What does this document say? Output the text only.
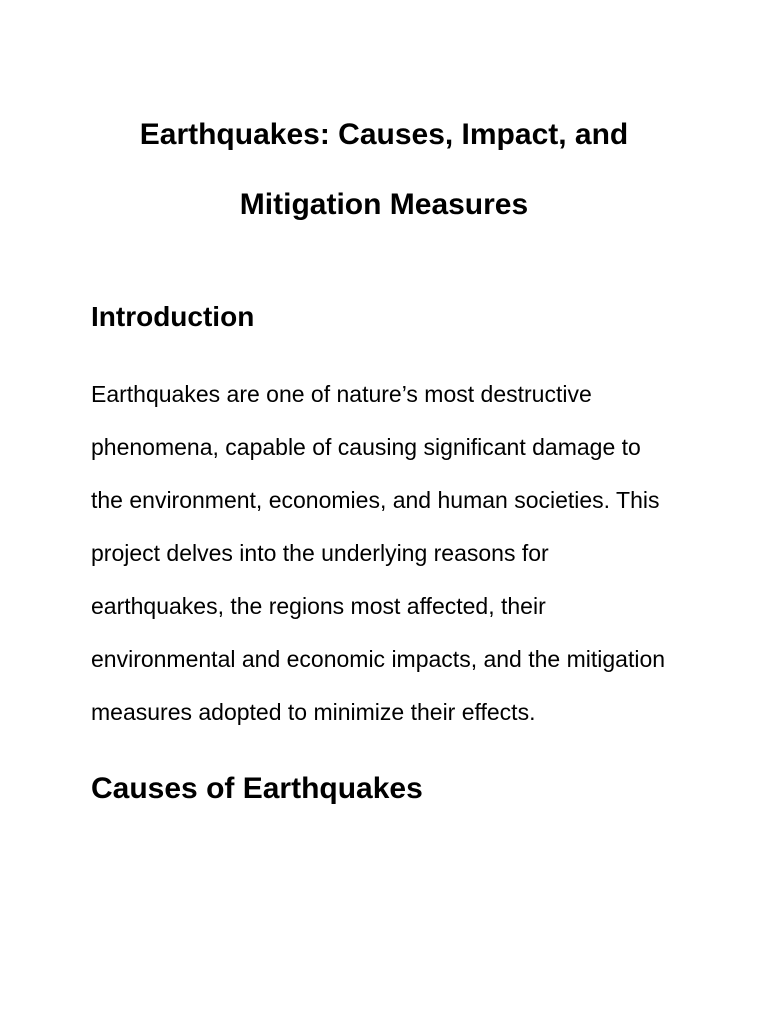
Earthquakes: Causes, Impact, and
Mitigation Measures
Introduction
Earthquakes are one of nature’s most destructive
phenomena, capable of causing significant damage to
the environment, economies, and human societies. This
project delves into the underlying reasons for
earthquakes, the regions most affected, their
environmental and economic impacts, and the mitigation
measures adopted to minimize their effects.
Causes of Earthquakes
